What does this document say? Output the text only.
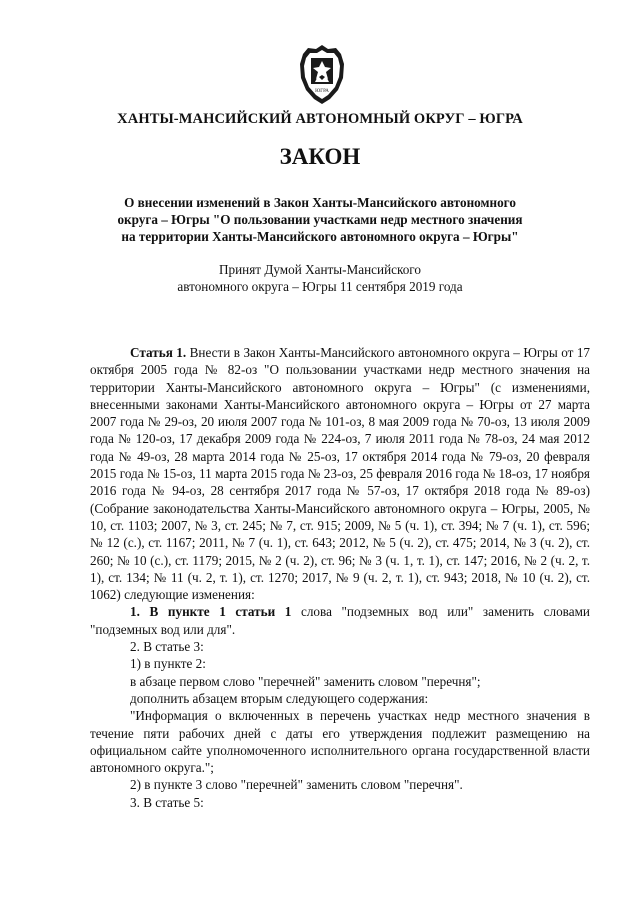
ЮГРА
ХАНТЫ-МАНСИЙСКИЙ АВТОНОМНЫЙ ОКРУГ – ЮГРА
ЗАКОН
О внесении изменений в Закон Ханты-Мансийского автономного
округа – Югры "О пользовании участками недр местного значения
на территории Ханты-Мансийского автономного округа – Югры"
Принят Думой Ханты-Мансийского
автономного округа – Югры 11 сентября 2019 года

Статья 1. Внести в Закон Ханты-Мансийского автономного округа – Югры от 17 октября 2005 года № 82-оз "О пользовании участками недр местного значения на территории Ханты-Мансийского автономного округа – Югры" (с изменениями, внесенными законами Ханты-Мансийского автономного округа – Югры от 27 марта 2007 года № 29-оз, 20 июля 2007 года № 101-оз, 8 мая 2009 года № 70-оз, 13 июля 2009 года № 120-оз, 17 декабря 2009 года № 224-оз, 7 июля 2011 года № 78-оз, 24 мая 2012 года № 49-оз, 28 марта 2014 года № 25-оз, 17 октября 2014 года № 79-оз, 20 февраля 2015 года № 15-оз, 11 марта 2015 года № 23-оз, 25 февраля 2016 года № 18-оз, 17 ноября 2016 года № 94-оз, 28 сентября 2017 года № 57-оз, 17 октября 2018 года № 89-оз) (Собрание законодательства Ханты-Мансийского автономного округа – Югры, 2005, № 10, ст. 1103; 2007, № 3, ст. 245; № 7, ст. 915; 2009, № 5 (ч. 1), ст. 394; № 7 (ч. 1), ст. 596; № 12 (с.), ст. 1167; 2011, № 7 (ч. 1), ст. 643; 2012, № 5 (ч. 2), ст. 475; 2014, № 3 (ч. 2), ст. 260; № 10 (с.), ст. 1179; 2015, № 2 (ч. 2), ст. 96; № 3 (ч. 1, т. 1), ст. 147; 2016, № 2 (ч. 2, т. 1), ст. 134; № 11 (ч. 2, т. 1), ст. 1270; 2017, № 9 (ч. 2, т. 1), ст. 943; 2018, № 10 (ч. 2), ст. 1062) следующие изменения:

1. В пункте 1 статьи 1 слова "подземных вод или" заменить словами "подземных вод или для".

2. В статье 3:

1) в пункте 2:

в абзаце первом слово "перечней" заменить словом "перечня";

дополнить абзацем вторым следующего содержания:

"Информация о включенных в перечень участках недр местного значения в течение пяти рабочих дней с даты его утверждения подлежит размещению на официальном сайте уполномоченного исполнительного органа государственной власти автономного округа.";

2) в пункте 3 слово "перечней" заменить словом "перечня".

3. В статье 5:
